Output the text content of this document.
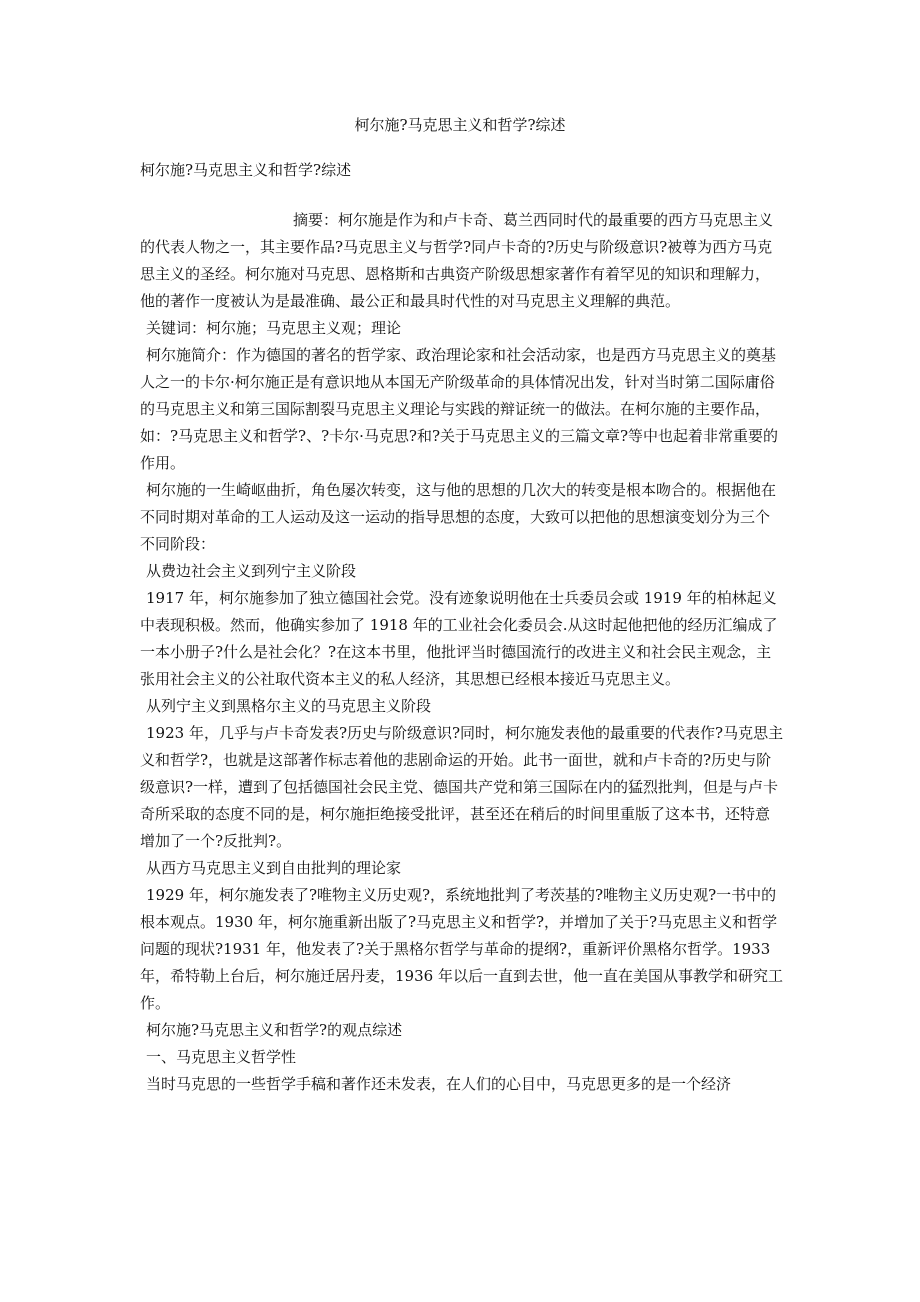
柯尔施?马克思主义和哲学?综述

柯尔施?马克思主义和哲学?综述

摘要：柯尔施是作为和卢卡奇、葛兰西同时代的最重要的西方马克思主义的代表人物之一，其主要作品?马克思主义与哲学?同卢卡奇的?历史与阶级意识?被尊为西方马克思主义的圣经。柯尔施对马克思、恩格斯和古典资产阶级思想家著作有着罕见的知识和理解力，他的著作一度被认为是最准确、最公正和最具时代性的对马克思主义理解的典范。

关键词：柯尔施；马克思主义观；理论

柯尔施简介：作为德国的著名的哲学家、政治理论家和社会活动家，也是西方马克思主义的奠基人之一的卡尔·柯尔施正是有意识地从本国无产阶级革命的具体情况出发，针对当时第二国际庸俗的马克思主义和第三国际割裂马克思主义理论与实践的辩证统一的做法。在柯尔施的主要作品，如：?马克思主义和哲学?、?卡尔·马克思?和?关于马克思主义的三篇文章?等中也起着非常重要的作用。

柯尔施的一生崎岖曲折，角色屡次转变，这与他的思想的几次大的转变是根本吻合的。根据他在不同时期对革命的工人运动及这一运动的指导思想的态度，大致可以把他的思想演变划分为三个不同阶段：

从费边社会主义到列宁主义阶段

1917 年，柯尔施参加了独立德国社会党。没有迹象说明他在士兵委员会或 1919 年的柏林起义中表现积极。然而，他确实参加了 1918 年的工业社会化委员会.从这时起他把他的经历汇编成了一本小册子?什么是社会化？?在这本书里，他批评当时德国流行的改进主义和社会民主观念，主张用社会主义的公社取代资本主义的私人经济，其思想已经根本接近马克思主义。

从列宁主义到黑格尔主义的马克思主义阶段

1923 年，几乎与卢卡奇发表?历史与阶级意识?同时，柯尔施发表他的最重要的代表作?马克思主义和哲学?，也就是这部著作标志着他的悲剧命运的开始。此书一面世，就和卢卡奇的?历史与阶级意识?一样，遭到了包括德国社会民主党、德国共产党和第三国际在内的猛烈批判，但是与卢卡奇所采取的态度不同的是，柯尔施拒绝接受批评，甚至还在稍后的时间里重版了这本书，还特意增加了一个?反批判?。

从西方马克思主义到自由批判的理论家

1929 年，柯尔施发表了?唯物主义历史观?，系统地批判了考茨基的?唯物主义历史观?一书中的根本观点。1930 年，柯尔施重新出版了?马克思主义和哲学?，并增加了关于?马克思主义和哲学问题的现状?1931 年，他发表了?关于黑格尔哲学与革命的提纲?，重新评价黑格尔哲学。1933 年，希特勒上台后，柯尔施迁居丹麦，1936 年以后一直到去世，他一直在美国从事教学和研究工作。

柯尔施?马克思主义和哲学?的观点综述

一、马克思主义哲学性

当时马克思的一些哲学手稿和著作还未发表，在人们的心目中，马克思更多的是一个经济
